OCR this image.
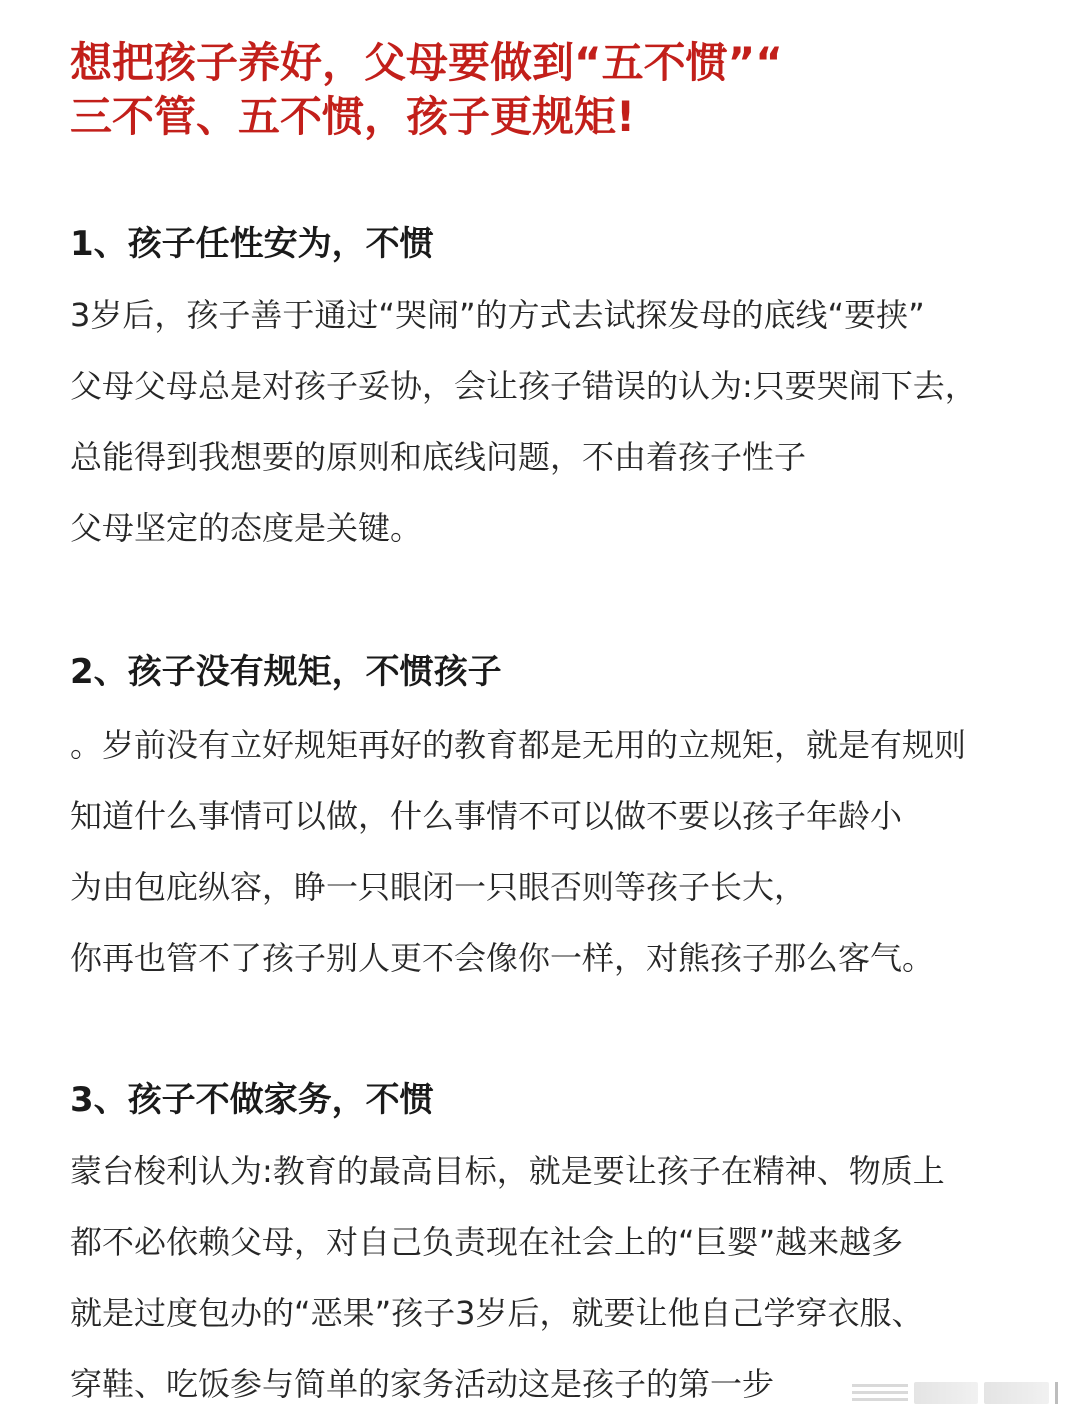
想把孩子养好，父母要做到“五不惯”“

三不管、五不惯，孩子更规矩!

1、孩子任性安为，不惯

3岁后，孩子善于通过“哭闹”的方式去试探发母的底线“要挟”

父母父母总是对孩子妥协，会让孩子错误的认为:只要哭闹下去，

总能得到我想要的原则和底线问题，不由着孩子性子

父母坚定的态度是关键。

2、孩子没有规矩，不惯孩子

。岁前没有立好规矩再好的教育都是无用的立规矩，就是有规则

知道什么事情可以做，什么事情不可以做不要以孩子年龄小

为由包庇纵容，睁一只眼闭一只眼否则等孩子长大，

你再也管不了孩子别人更不会像你一样，对熊孩子那么客气。

3、孩子不做家务，不惯

蒙台梭利认为:教育的最高目标，就是要让孩子在精神、物质上

都不必依赖父母，对自己负责现在社会上的“巨婴”越来越多

就是过度包办的“恶果”孩子3岁后，就要让他自己学穿衣服、

穿鞋、吃饭参与简单的家务活动这是孩子的第一步
